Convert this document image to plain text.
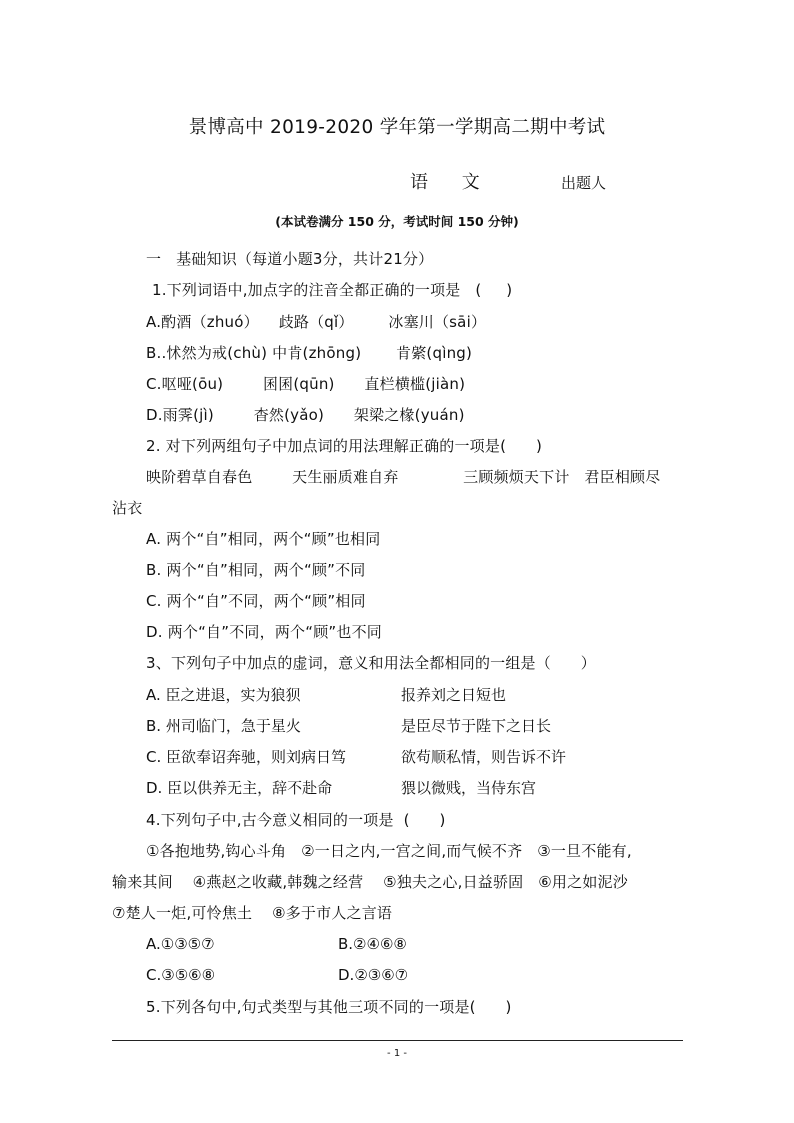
景博高中 2019-2020 学年第一学期高二期中考试
语 文	出题人
(本试卷满分 150 分，考试时间 150 分钟)
一   基础知识（每道小题3分，共计21分）
1.下列词语中,加点字的注音全都正确的一项是   (     )
A.酌酒（zhuó）    歧路（qǐ）       冰塞川（sāi）
B..怵然为戒(chù) 中肯(zhōng)       肯綮(qìng)
C.呕哑(ōu)        囷囷(qūn)      直栏横槛(jiàn)
D.雨霁(jì)        杳然(yǎo)      架梁之椽(yuán)
2. 对下列两组句子中加点词的用法理解正确的一项是(      )
映阶碧草自春色        天生丽质难自弃             三顾频烦天下计   君臣相顾尽
沾衣
A. 两个“自”相同，两个“顾”也相同
B. 两个“自”相同，两个“顾”不同
C. 两个“自”不同，两个“顾”相同
D. 两个“自”不同，两个“顾”也不同
3、下列句子中加点的虚词，意义和用法全都相同的一组是（      ）
A. 臣之进退，实为狼狈	报养刘之日短也
B. 州司临门，急于星火	是臣尽节于陛下之日长
C. 臣欲奉诏奔驰，则刘病日笃	欲苟顺私情，则告诉不许
D. 臣以供养无主，辞不赴命	猥以微贱，当侍东宫
4.下列句子中,古今意义相同的一项是  (      )
①各抱地势,钩心斗角   ②一日之内,一宫之间,而气候不齐   ③一旦不能有,
输来其间    ④燕赵之收藏,韩魏之经营    ⑤独夫之心,日益骄固   ⑥用之如泥沙
⑦楚人一炬,可怜焦土    ⑧多于市人之言语
A.①③⑤⑦	B.②④⑥⑧
C.③⑤⑥⑧	D.②③⑥⑦
5.下列各句中,句式类型与其他三项不同的一项是(      )
- 1 -
